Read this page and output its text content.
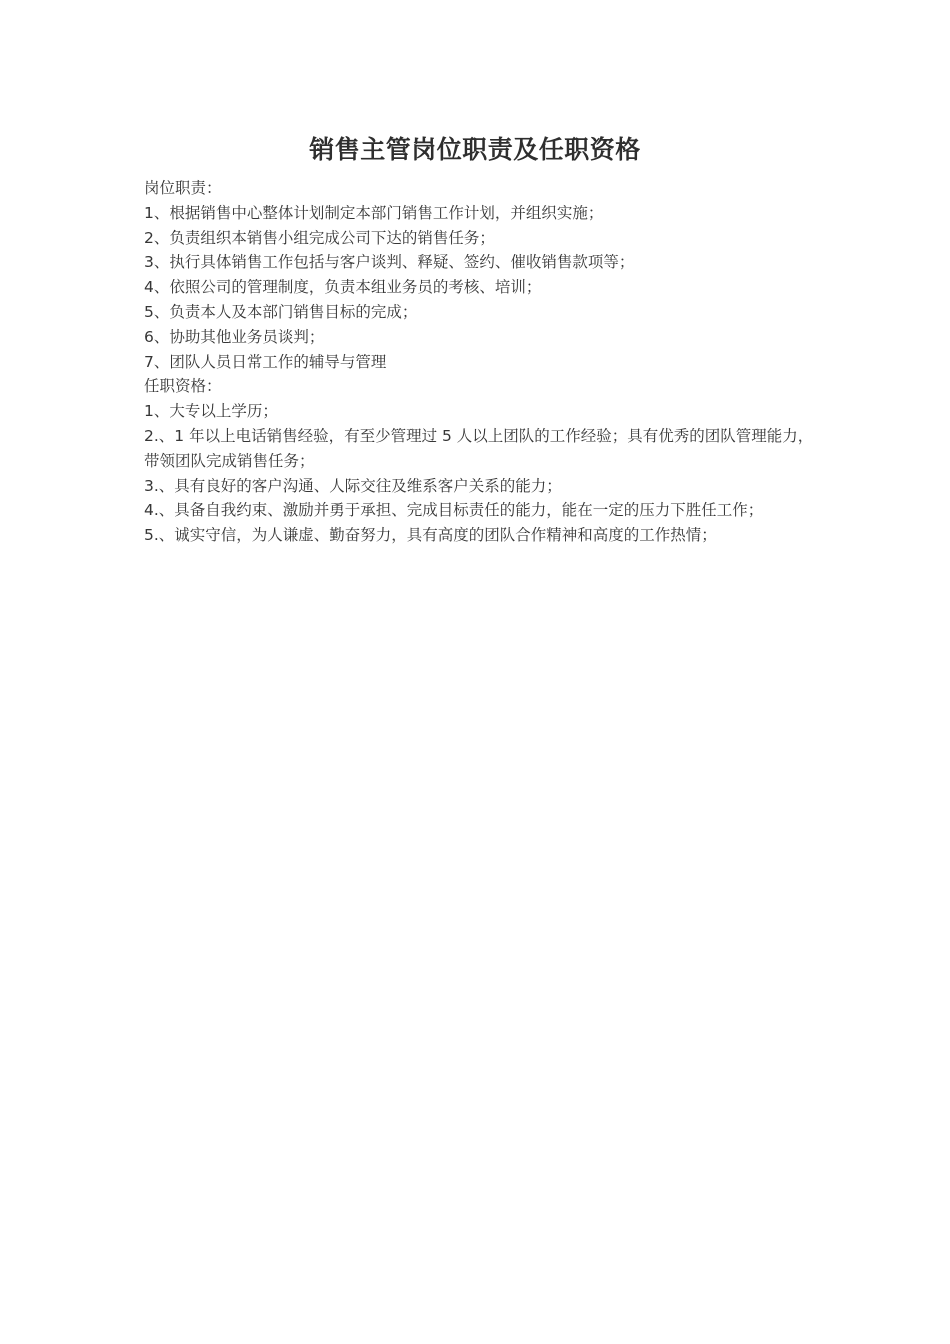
销售主管岗位职责及任职资格
岗位职责：
1、根据销售中心整体计划制定本部门销售工作计划，并组织实施；
2、负责组织本销售小组完成公司下达的销售任务；
3、执行具体销售工作包括与客户谈判、释疑、签约、催收销售款项等；
4、依照公司的管理制度，负责本组业务员的考核、培训；
5、负责本人及本部门销售目标的完成；
6、协助其他业务员谈判；
7、团队人员日常工作的辅导与管理
任职资格：
1、大专以上学历；
2.、1 年以上电话销售经验，有至少管理过 5 人以上团队的工作经验；具有优秀的团队管理能力，带领团队完成销售任务；
3.、具有良好的客户沟通、人际交往及维系客户关系的能力；
4.、具备自我约束、激励并勇于承担、完成目标责任的能力，能在一定的压力下胜任工作；
5.、诚实守信，为人谦虚、勤奋努力，具有高度的团队合作精神和高度的工作热情；
